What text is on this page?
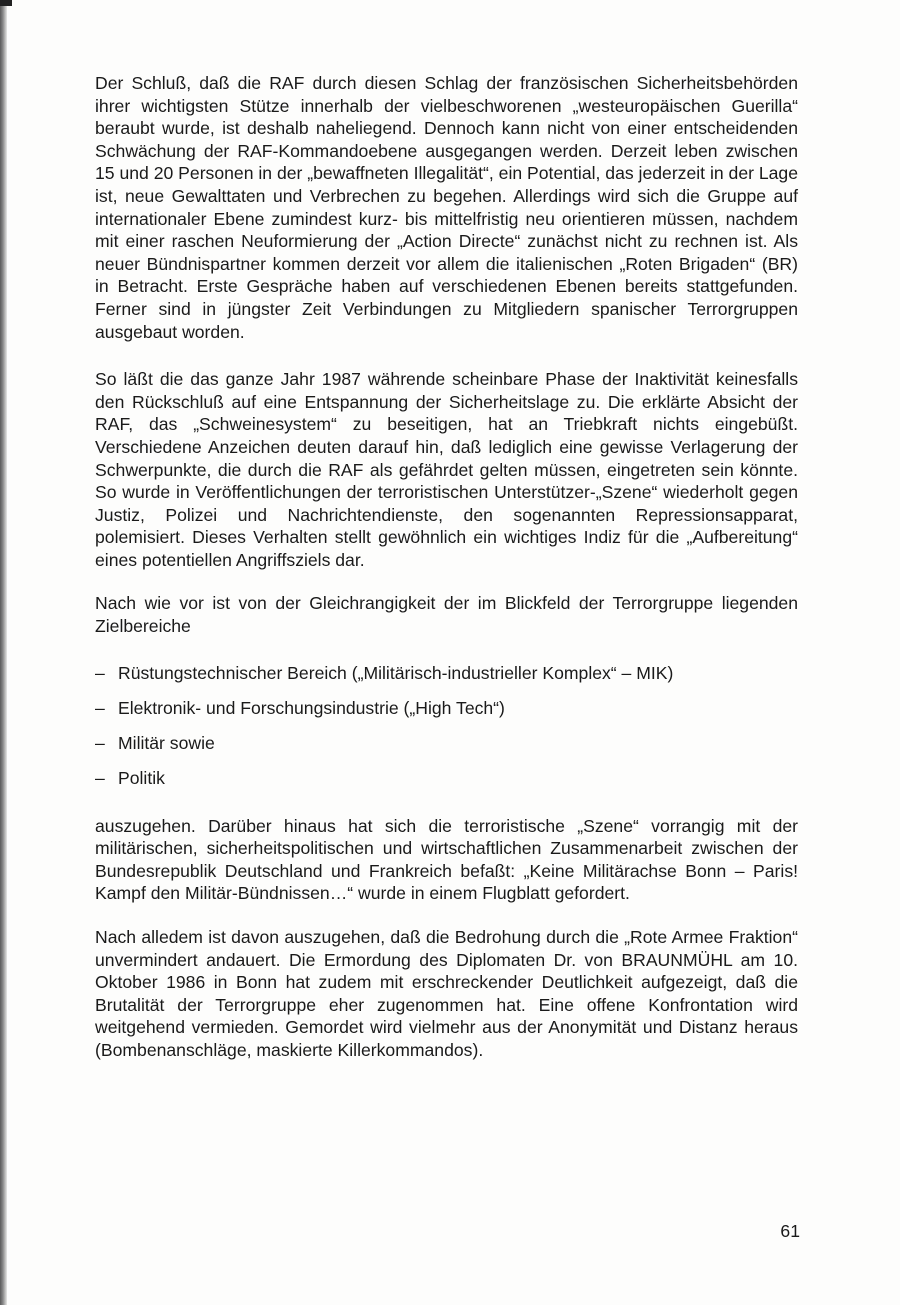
Der Schluß, daß die RAF durch diesen Schlag der französischen Sicherheitsbehörden ihrer wichtigsten Stütze innerhalb der vielbeschworenen „westeuropäischen Guerilla“ beraubt wurde, ist deshalb naheliegend. Dennoch kann nicht von einer entscheidenden Schwächung der RAF-Kommandoebene ausgegangen werden. Derzeit leben zwischen 15 und 20 Personen in der „bewaffneten Illegalität“, ein Potential, das jederzeit in der Lage ist, neue Gewalttaten und Verbrechen zu begehen. Allerdings wird sich die Gruppe auf internationaler Ebene zumindest kurz- bis mittelfristig neu orientieren müssen, nachdem mit einer raschen Neuformierung der „Action Directe“ zunächst nicht zu rechnen ist. Als neuer Bündnispartner kommen derzeit vor allem die italienischen „Roten Brigaden“ (BR) in Betracht. Erste Gespräche haben auf verschiedenen Ebenen bereits stattgefunden. Ferner sind in jüngster Zeit Verbindungen zu Mitgliedern spanischer Terrorgruppen ausgebaut worden.

So läßt die das ganze Jahr 1987 währende scheinbare Phase der Inaktivität keinesfalls den Rückschluß auf eine Entspannung der Sicherheitslage zu. Die erklärte Absicht der RAF, das „Schweinesystem“ zu beseitigen, hat an Triebkraft nichts eingebüßt. Verschiedene Anzeichen deuten darauf hin, daß lediglich eine gewisse Verlagerung der Schwerpunkte, die durch die RAF als gefährdet gelten müssen, eingetreten sein könnte. So wurde in Veröffentlichungen der terroristischen Unterstützer-„Szene“ wiederholt gegen Justiz, Polizei und Nachrichtendienste, den sogenannten Repressionsapparat, polemisiert. Dieses Verhalten stellt gewöhnlich ein wichtiges Indiz für die „Aufbereitung“ eines potentiellen Angriffsziels dar.

Nach wie vor ist von der Gleichrangigkeit der im Blickfeld der Terrorgruppe liegenden Zielbereiche

– Rüstungstechnischer Bereich („Militärisch-industrieller Komplex“ – MIK)
– Elektronik- und Forschungsindustrie („High Tech“)
– Militär sowie
– Politik

auszugehen. Darüber hinaus hat sich die terroristische „Szene“ vorrangig mit der militärischen, sicherheitspolitischen und wirtschaftlichen Zusammenarbeit zwischen der Bundesrepublik Deutschland und Frankreich befaßt: „Keine Militärachse Bonn – Paris! Kampf den Militär-Bündnissen…“ wurde in einem Flugblatt gefordert.

Nach alledem ist davon auszugehen, daß die Bedrohung durch die „Rote Armee Fraktion“ unvermindert andauert. Die Ermordung des Diplomaten Dr. von BRAUNMÜHL am 10. Oktober 1986 in Bonn hat zudem mit erschreckender Deutlichkeit aufgezeigt, daß die Brutalität der Terrorgruppe eher zugenommen hat. Eine offene Konfrontation wird weitgehend vermieden. Gemordet wird vielmehr aus der Anonymität und Distanz heraus (Bombenanschläge, maskierte Killerkommandos).

61
